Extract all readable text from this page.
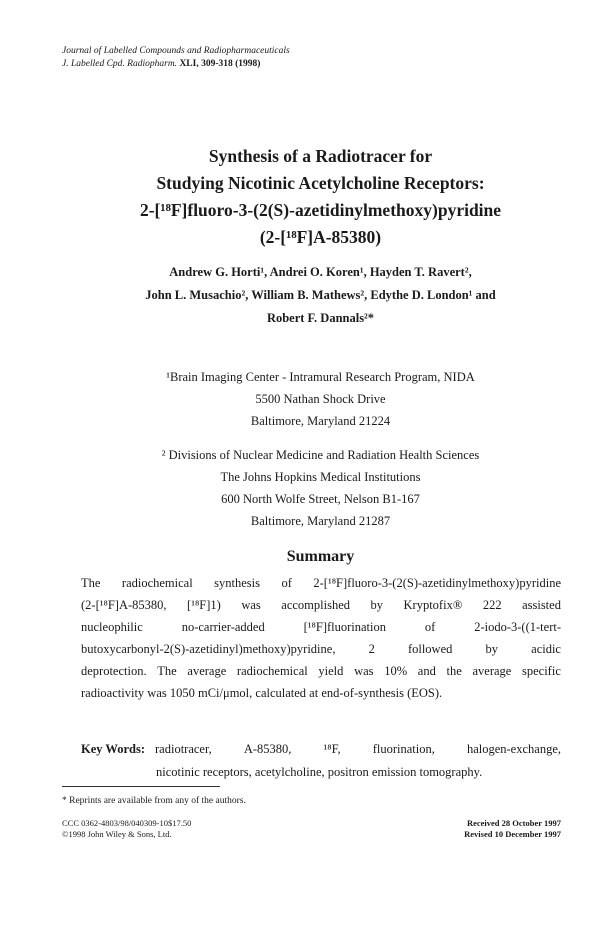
Journal of Labelled Compounds and Radiopharmaceuticals
J. Labelled Cpd. Radiopharm. XLI, 309-318 (1998)
Synthesis of a Radiotracer for
Studying Nicotinic Acetylcholine Receptors:
2-[¹⁸F]fluoro-3-(2(S)-azetidinylmethoxy)pyridine
(2-[¹⁸F]A-85380)
Andrew G. Horti¹, Andrei O. Koren¹, Hayden T. Ravert²,
John L. Musachio², William B. Mathews², Edythe D. London¹ and
Robert F. Dannals²*
¹Brain Imaging Center - Intramural Research Program, NIDA
5500 Nathan Shock Drive
Baltimore, Maryland 21224
² Divisions of Nuclear Medicine and Radiation Health Sciences
The Johns Hopkins Medical Institutions
600 North Wolfe Street, Nelson B1-167
Baltimore, Maryland 21287
Summary
The radiochemical synthesis of 2-[¹⁸F]fluoro-3-(2(S)-azetidinylmethoxy)pyridine
(2-[¹⁸F]A-85380, [¹⁸F]1) was accomplished by Kryptofix® 222 assisted
nucleophilic	no-carrier-added	[¹⁸F]fluorination	of	2-iodo-3-((1-tert-
butoxycarbonyl-2(S)-azetidinyl)methoxy)pyridine,	2	followed	by	acidic
deprotection. The average radiochemical yield was 10% and the average specific
radioactivity was 1050 mCi/μmol, calculated at end-of-synthesis (EOS).
Key Words: radiotracer,	A-85380,	¹⁸F,	fluorination,	halogen-exchange,
nicotinic receptors, acetylcholine, positron emission tomography.
* Reprints are available from any of the authors.
CCC 0362-4803/98/040309-10$17.50
©1998 John Wiley & Sons, Ltd.
Received 28 October 1997
Revised 10 December 1997
